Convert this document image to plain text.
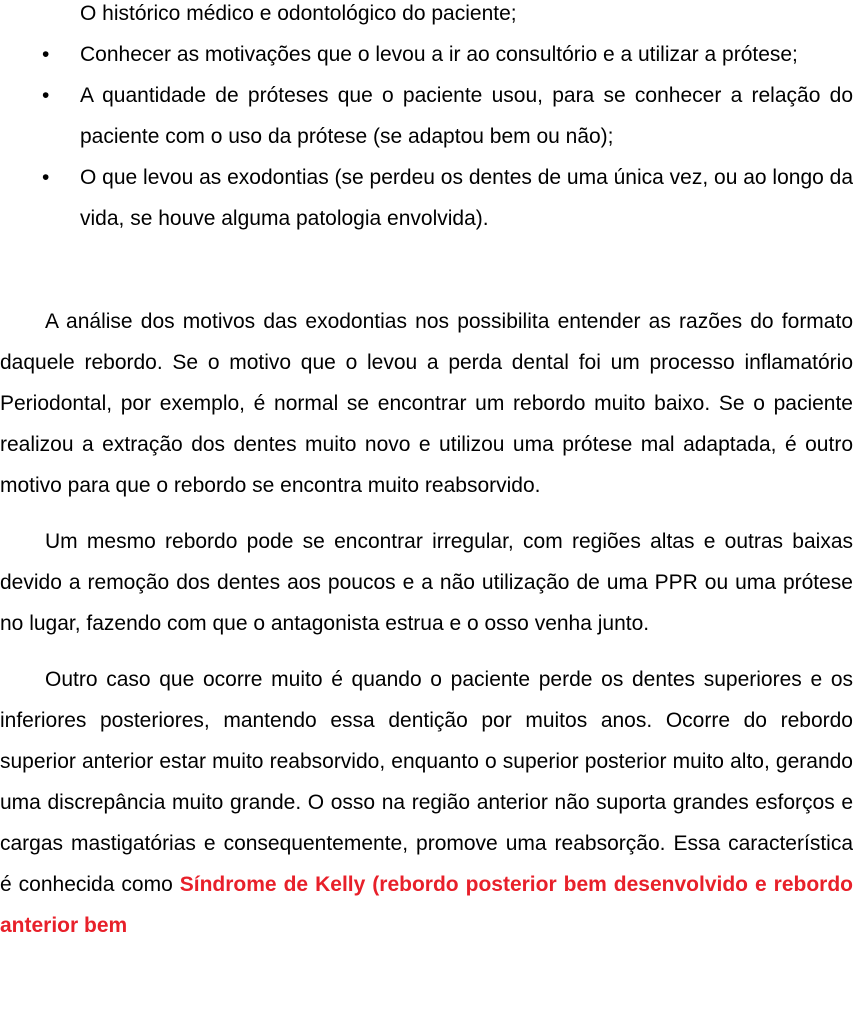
O histórico médico e odontológico do paciente;
• Conhecer as motivações que o levou a ir ao consultório e a utilizar a prótese;
• A quantidade de próteses que o paciente usou, para se conhecer a relação do paciente com o uso da prótese (se adaptou bem ou não);
• O que levou as exodontias (se perdeu os dentes de uma única vez, ou ao longo da vida, se houve alguma patologia envolvida).

A análise dos motivos das exodontias nos possibilita entender as razões do formato daquele rebordo. Se o motivo que o levou a perda dental foi um processo inflamatório Periodontal, por exemplo, é normal se encontrar um rebordo muito baixo. Se o paciente realizou a extração dos dentes muito novo e utilizou uma prótese mal adaptada, é outro motivo para que o rebordo se encontra muito reabsorvido.

Um mesmo rebordo pode se encontrar irregular, com regiões altas e outras baixas devido a remoção dos dentes aos poucos e a não utilização de uma PPR ou uma prótese no lugar, fazendo com que o antagonista estrua e o osso venha junto.

Outro caso que ocorre muito é quando o paciente perde os dentes superiores e os inferiores posteriores, mantendo essa dentição por muitos anos. Ocorre do rebordo superior anterior estar muito reabsorvido, enquanto o superior posterior muito alto, gerando uma discrepância muito grande. O osso na região anterior não suporta grandes esforços e cargas mastigatórias e consequentemente, promove uma reabsorção. Essa característica é conhecida como Síndrome de Kelly (rebordo posterior bem desenvolvido e rebordo anterior bem
